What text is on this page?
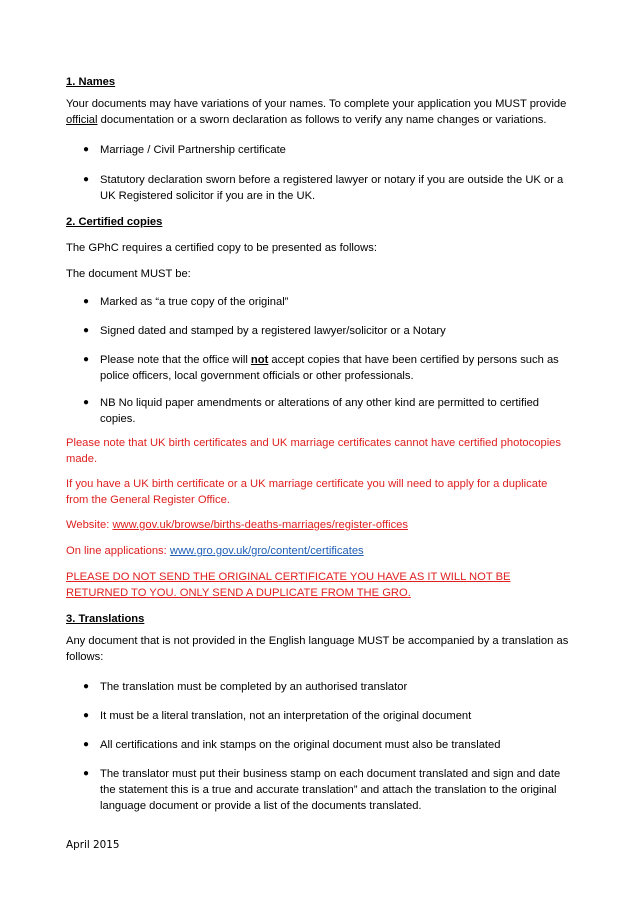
1. Names
Your documents may have variations of your names. To complete your application you MUST provide official documentation or a sworn declaration as follows to verify any name changes or variations.
● Marriage / Civil Partnership certificate
● Statutory declaration sworn before a registered lawyer or notary if you are outside the UK or a UK Registered solicitor if you are in the UK.
2. Certified copies
The GPhC requires a certified copy to be presented as follows:
The document MUST be:
● Marked as “a true copy of the original”
● Signed dated and stamped by a registered lawyer/solicitor or a Notary
● Please note that the office will not accept copies that have been certified by persons such as police officers, local government officials or other professionals.
● NB No liquid paper amendments or alterations of any other kind are permitted to certified copies.
Please note that UK birth certificates and UK marriage certificates cannot have certified photocopies made.
If you have a UK birth certificate or a UK marriage certificate you will need to apply for a duplicate from the General Register Office.
Website: www.gov.uk/browse/births-deaths-marriages/register-offices
On line applications: www.gro.gov.uk/gro/content/certificates
PLEASE DO NOT SEND THE ORIGINAL CERTIFICATE YOU HAVE AS IT WILL NOT BE RETURNED TO YOU. ONLY SEND A DUPLICATE FROM THE GRO.
3. Translations
Any document that is not provided in the English language MUST be accompanied by a translation as follows:
● The translation must be completed by an authorised translator
● It must be a literal translation, not an interpretation of the original document
● All certifications and ink stamps on the original document must also be translated
● The translator must put their business stamp on each document translated and sign and date the statement this is a true and accurate translation” and attach the translation to the original language document or provide a list of the documents translated.
April 2015
